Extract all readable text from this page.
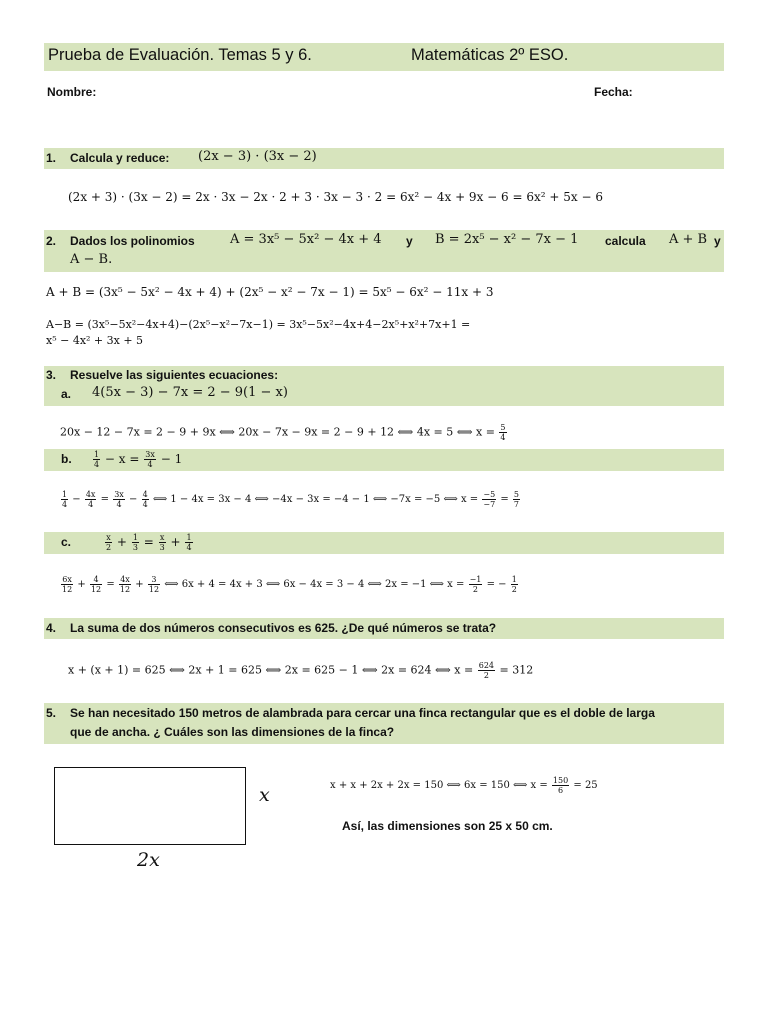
Prueba de Evaluación. Temas 5 y 6.	Matemáticas 2º ESO.
Nombre:	Fecha:
1. Calcula y reduce: (2x − 3) · (3x − 2)
(2x + 3) · (3x − 2) = 2x · 3x − 2x · 2 + 3 · 3x − 3 · 2 = 6x² − 4x + 9x − 6 = 6x² + 5x − 6
2. Dados los polinomios	A = 3x⁵ − 5x² − 4x + 4 y B = 2x⁵ − x² − 7x − 1 calcula A + B y
A − B.
A + B = (3x⁵ − 5x² − 4x + 4) + (2x⁵ − x² − 7x − 1) = 5x⁵ − 6x² − 11x + 3
A−B = (3x⁵−5x²−4x+4)−(2x⁵−x²−7x−1) = 3x⁵−5x²−4x+4−2x⁵+x²+7x+1 =
x⁵ − 4x² + 3x + 5
3. Resuelve las siguientes ecuaciones:
a. 4(5x − 3) − 7x = 2 − 9(1 − x)
20x − 12 − 7x = 2 − 9 + 9x ⟺ 20x − 7x − 9x = 2 − 9 + 12 ⟺ 4x = 5 ⟺ $x = \frac{5}{4}$
b.	$\frac{1}{4} - x = \frac{3x}{4} - 1$
$\frac{1}{4} - \frac{4x}{4} = \frac{3x}{4} - \frac{4}{4}$ ⟺ 1 − 4x = 3x − 4 ⟺ −4x − 3x = −4 − 1 ⟺ −7x = −5 ⟺ $x = \frac{-5}{-7} = \frac{5}{7}$
c.	$\frac{x}{2} + \frac{1}{3} = \frac{x}{3} + \frac{1}{4}$
$\frac{6x}{12} + \frac{4}{12} = \frac{4x}{12} + \frac{3}{12}$ ⟺ 6x + 4 = 4x + 3 ⟺ 6x − 4x = 3 − 4 ⟺ 2x = −1 ⟺ $x = \frac{-1}{2}$ = − $\frac{1}{2}$
4. La suma de dos números consecutivos es 625. ¿De qué números se trata?
x + (x + 1) = 625 ⟺ 2x + 1 = 625 ⟺ 2x = 625 − 1 ⟺ 2x = 624 ⟺ $x = \frac{624}{2} = 312$
5. Se han necesitado 150 metros de alambrada para cercar una finca rectangular que es el doble de larga
que de ancha. ¿ Cuáles son las dimensiones de la finca?
x
2x
x + x + 2x + 2x = 150 ⟺ 6x = 150 ⟺ $x = \frac{150}{6} = 25$
Así, las dimensiones son 25 x 50 cm.
